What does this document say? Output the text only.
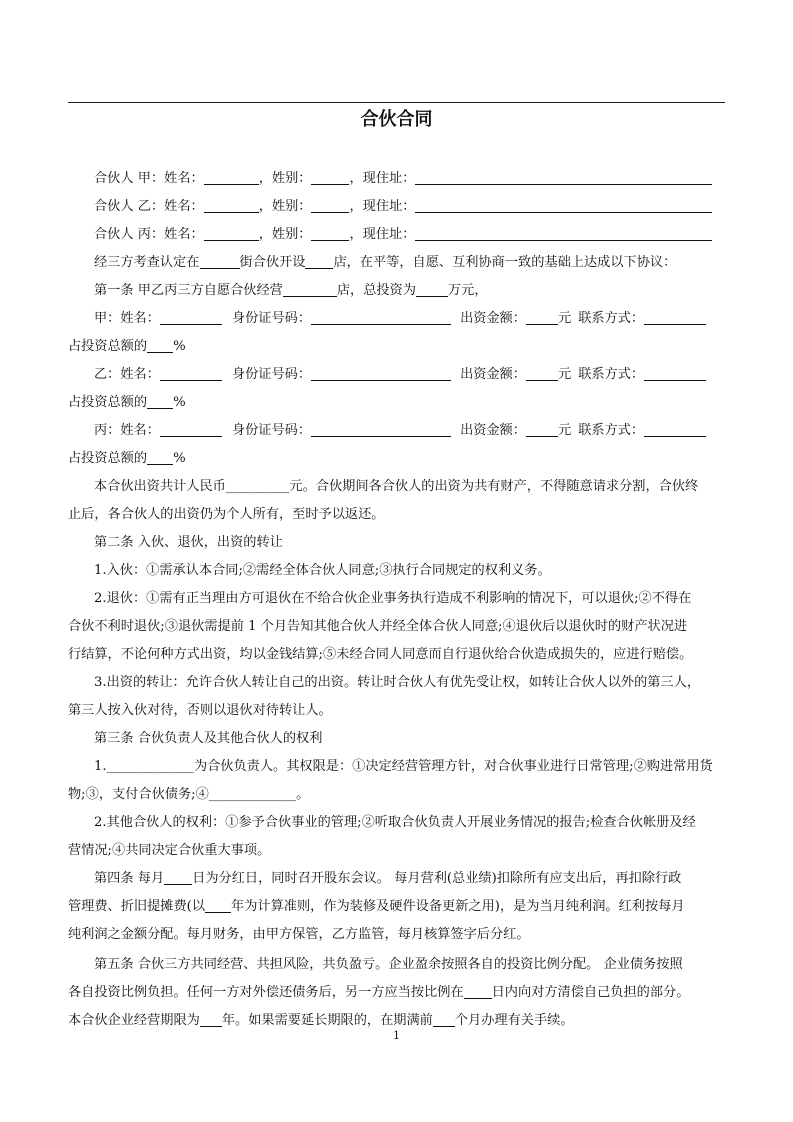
合伙合同
合伙人 甲：姓名：	，姓别：	，现住址：
合伙人 乙：姓名：	，姓别：	，现住址：
合伙人 丙：姓名：	，姓别：	，现住址：
经三方考查认定在	街合伙开设 店，在平等，自愿、互利协商一致的基础上达成以下协议：
第一条 甲乙丙三方自愿合伙经营	店，总投资为 万元，
甲：姓名：	身份证号码：	出资金额： 元 联系方式：
占投资总额的 %
乙：姓名：	身份证号码：	出资金额： 元 联系方式：
占投资总额的 %
丙：姓名：	身份证号码：	出资金额： 元 联系方式：
占投资总额的 %
本合伙出资共计人民币________元。合伙期间各合伙人的出资为共有财产，不得随意请求分割，合伙终
止后，各合伙人的出资仍为个人所有，至时予以返还。
第二条 入伙、退伙，出资的转让
1.入伙：①需承认本合同;②需经全体合伙人同意;③执行合同规定的权利义务。
2.退伙：①需有正当理由方可退伙在不给合伙企业事务执行造成不利影响的情况下，可以退伙;②不得在
合伙不利时退伙;③退伙需提前 1 个月告知其他合伙人并经全体合伙人同意;④退伙后以退伙时的财产状况进
行结算，不论何种方式出资，均以金钱结算;⑤未经合同人同意而自行退伙给合伙造成损失的，应进行赔偿。
3.出资的转让：允许合伙人转让自己的出资。转让时合伙人有优先受让权，如转让合伙人以外的第三人，
第三人按入伙对待，否则以退伙对待转让人。
第三条 合伙负责人及其他合伙人的权利
1.___________为合伙负责人。其权限是：①决定经营管理方针，对合伙事业进行日常管理;②购进常用货
物;③，支付合伙债务;④___________。
2.其他合伙人的权利：①参予合伙事业的管理;②听取合伙负责人开展业务情况的报告;检查合伙帐册及经
营情况;④共同决定合伙重大事项。
第四条 每月 日为分红日，同时召开股东会议。 每月营利(总业绩)扣除所有应支出后，再扣除行政
管理费、折旧提摊费(以 年为计算准则，作为装修及硬件设备更新之用)，是为当月纯利润。红利按每月
纯利润之金额分配。每月财务，由甲方保管，乙方监管，每月核算签字后分红。
第五条 合伙三方共同经营、共担风险，共负盈亏。企业盈余按照各自的投资比例分配。 企业债务按照
各自投资比例负担。任何一方对外偿还债务后，另一方应当按比例在 日内向对方清偿自己负担的部分。
本合伙企业经营期限为 年。如果需要延长期限的，在期满前 个月办理有关手续。
1
